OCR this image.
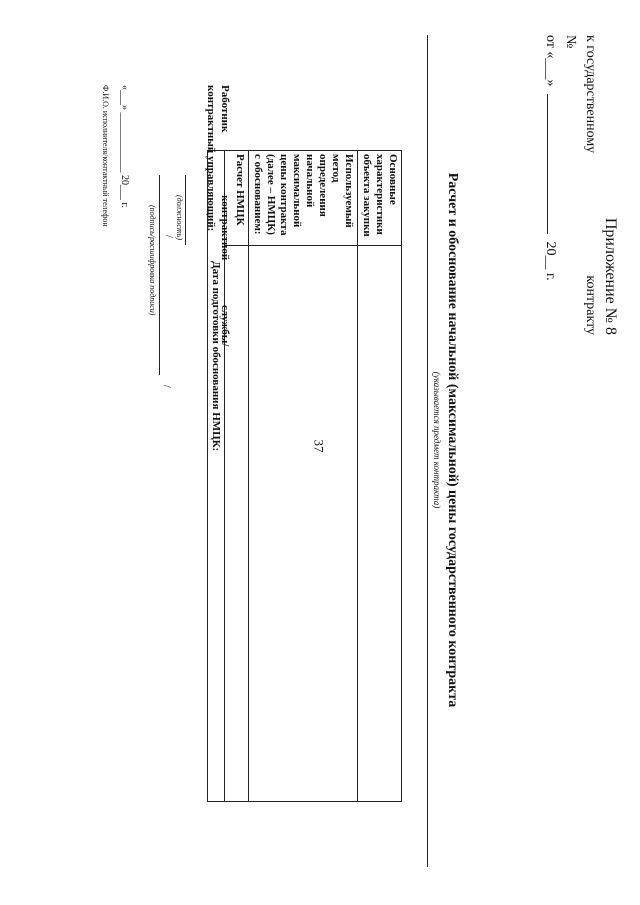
37
Приложение № 8
к государственному
контракту
№
от «___»  20__ г.
Расчет и обоснование начальной (максимальной) цены государственного контракта
(указывается предмет контракта)
Основные характеристики объекта закупки	
Используемый метод определения начальной максимальной цены контракта (далее – НМЦК) с обоснованием:	
Расчет НМЦК	
Дата подготовки обоснования НМЦК:	
Работник контрактной
контрактный управляющий:
службы/
(должность)
/
/
(подпись/расшифровка подписи)
«___» ____________ 20___ г.
Ф.И.О. исполнителя/контактный телефон
